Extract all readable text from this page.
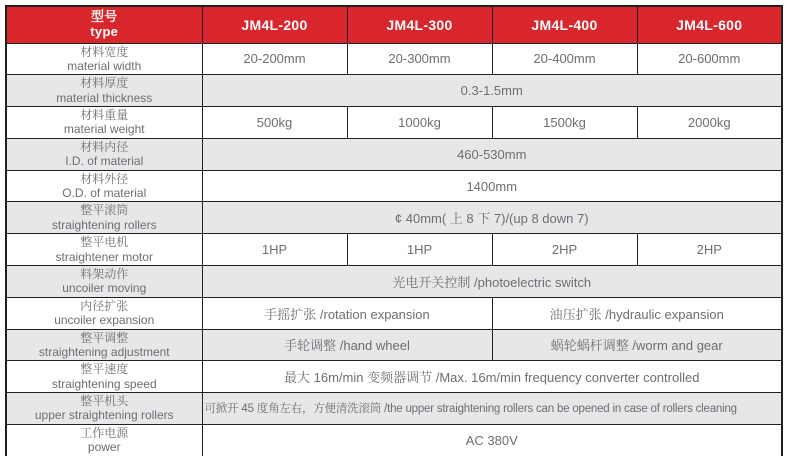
型号
type	JM4L-200	JM4L-300	JM4L-400	JM4L-600

材料宽度
material width	20-200mm	20-300mm	20-400mm	20-600mm

材料厚度
material thickness	0.3-1.5mm			

材料重量
material weight	500kg	1000kg	1500kg	2000kg

材料内径
I.D. of material	460-530mm			

材料外径
O.D. of material	1400mm			

整平滚筒
straightening rollers	¢ 40mm( 上 8 下 7)/(up 8 down 7)			

整平电机
straightener motor	1HP	1HP	2HP	2HP

料架动作
uncoiler moving	光电开关控制 /photoelectric switch			

内径扩张
uncoiler expansion	手摇扩张 /rotation expansion		油压扩张 /hydraulic expansion	

整平调整
straightening adjustment	手轮调整 /hand wheel		蜗轮蜗杆调整 /worm and gear	

整平速度
straightening speed	最大 16m/min 变频器调节 /Max. 16m/min frequency converter controlled			

整平机头
upper straightening rollers	可掀开 45 度角左右，方便清洗滚筒 /the upper straightening rollers can be opened in case of rollers cleaning			

工作电源
power	AC 380V			
